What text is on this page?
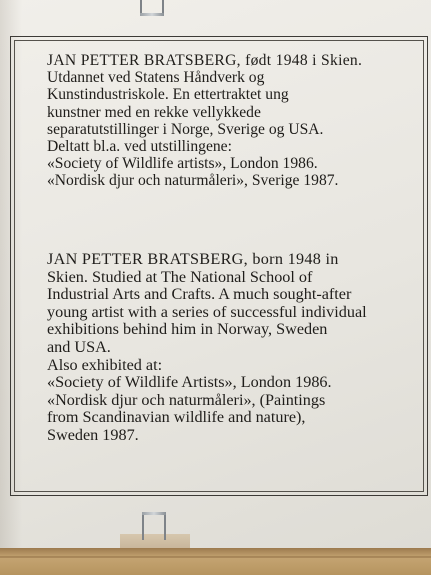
JAN PETTER BRATSBERG, født 1948 i Skien.

Utdannet ved Statens Håndverk og

Kunstindustriskole. En ettertraktet ung

kunstner med en rekke vellykkede

separatutstillinger i Norge, Sverige og USA.

Deltatt bl.a. ved utstillingene:

«Society of Wildlife artists», London 1986.

«Nordisk djur och naturmåleri», Sverige 1987.

JAN PETTER BRATSBERG, born 1948 in

Skien. Studied at The National School of

Industrial Arts and Crafts. A much sought-after

young artist with a series of successful individual

exhibitions behind him in Norway, Sweden

and USA.

Also exhibited at:

«Society of Wildlife Artists», London 1986.

«Nordisk djur och naturmåleri», (Paintings

from Scandinavian wildlife and nature),

Sweden 1987.
